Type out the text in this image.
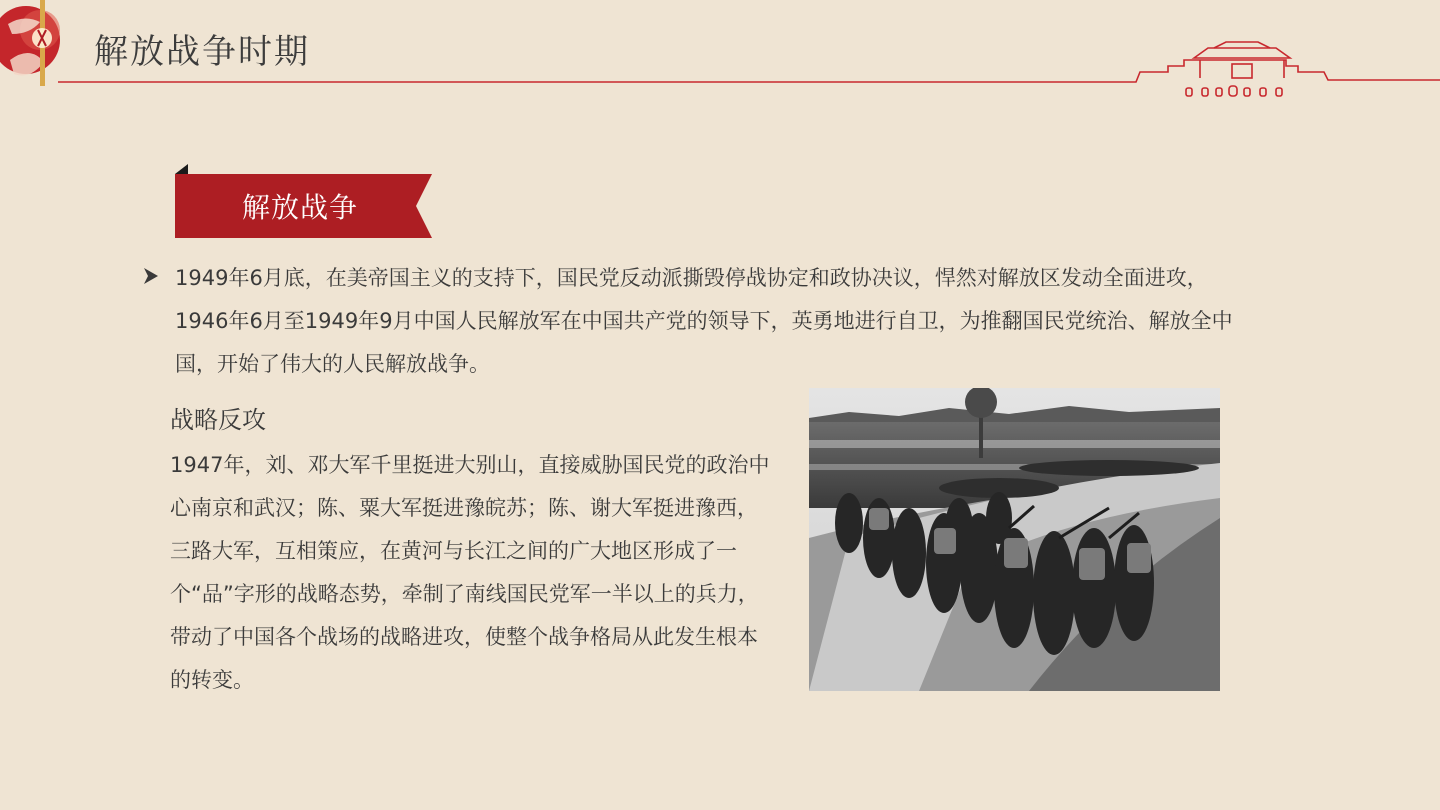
解放战争时期
解放战争

1949年6月底，在美帝国主义的支持下，国民党反动派撕毁停战协定和政协决议，悍然对解放区发动全面进攻，1946年6月至1949年9月中国人民解放军在中国共产党的领导下，英勇地进行自卫，为推翻国民党统治、解放全中国，开始了伟大的人民解放战争。

战略反攻

1947年，刘、邓大军千里挺进大别山，直接威胁国民党的政治中心南京和武汉；陈、粟大军挺进豫皖苏；陈、谢大军挺进豫西，三路大军，互相策应，在黄河与长江之间的广大地区形成了一个“品”字形的战略态势，牵制了南线国民党军一半以上的兵力，带动了中国各个战场的战略进攻，使整个战争格局从此发生根本的转变。
